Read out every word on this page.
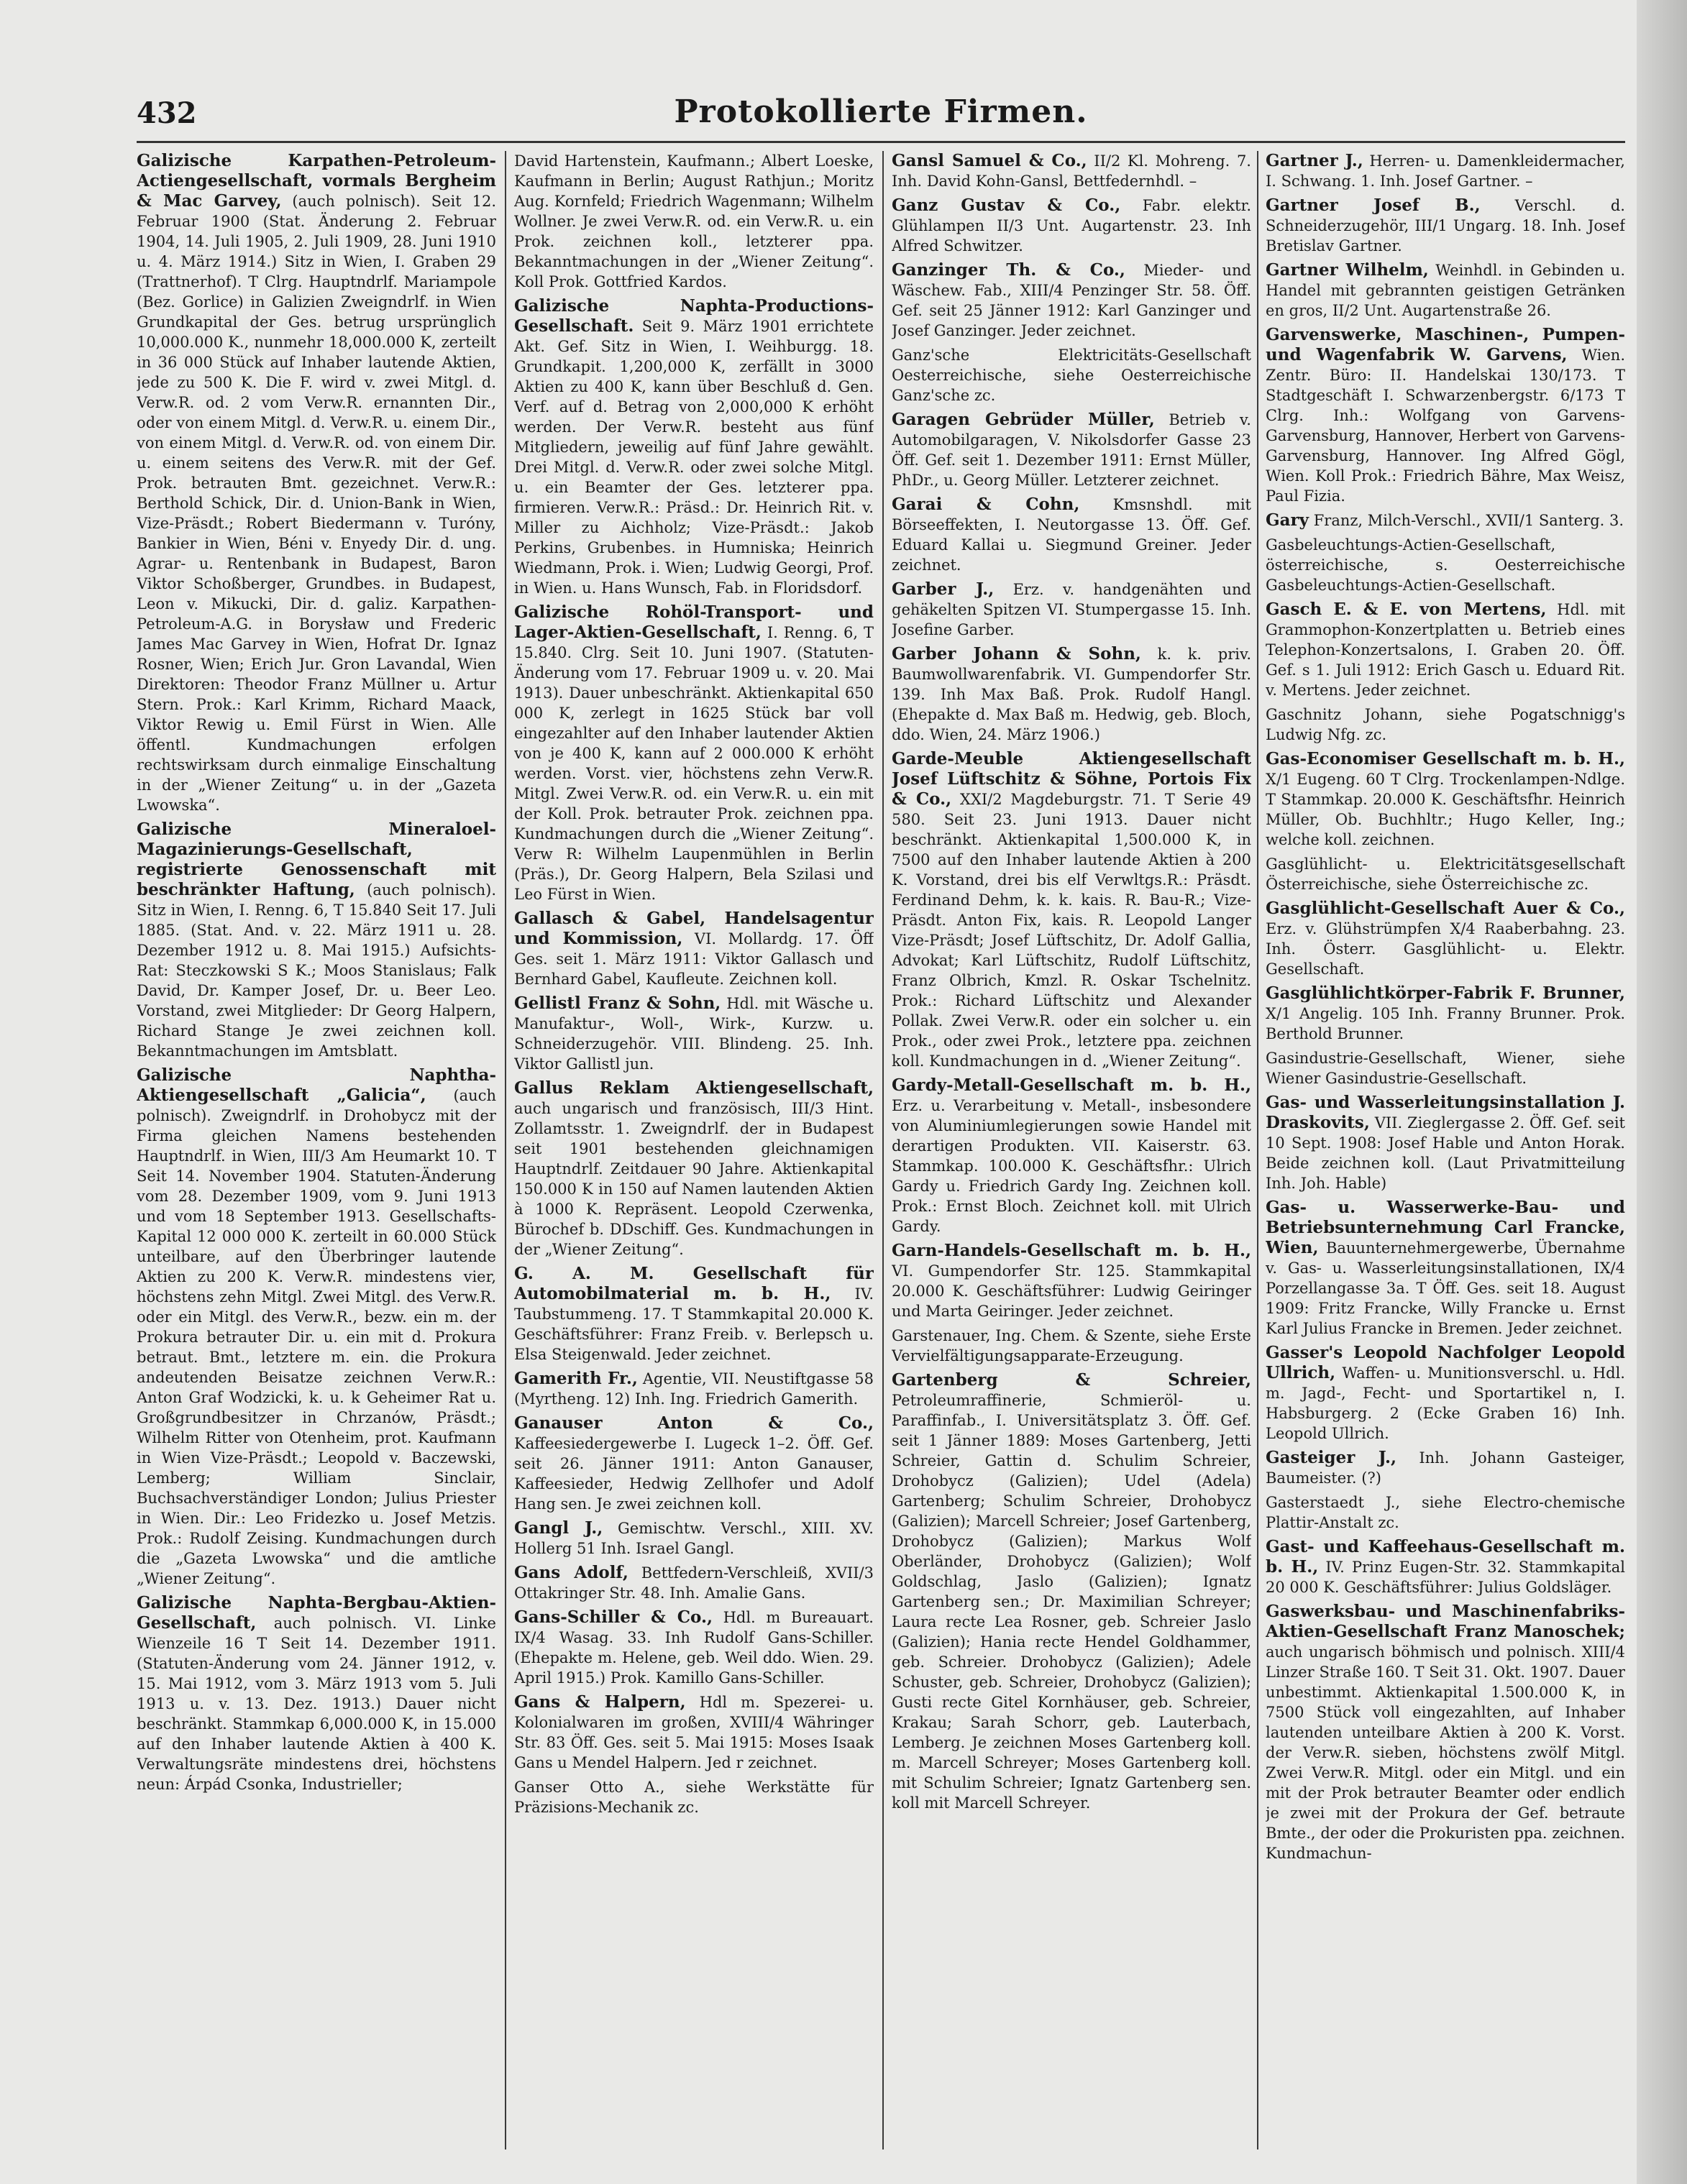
432	Protokollierte Firmen.

Galizische Karpathen-Petroleum-Actiengesellschaft, vormals Bergheim & Mac Garvey, (auch polnisch). Seit 12. Februar 1900 (Stat. Änderung 2. Februar 1904, 14. Juli 1905, 2. Juli 1909, 28. Juni 1910 u. 4. März 1914.) Sitz in Wien, I. Graben 29 (Trattnerhof). T Clrg. Hauptndrlf. Mariampole (Bez. Gorlice) in Galizien Zweigndrlf. in Wien Grundkapital der Ges. betrug ursprünglich 10,000.000 K., nunmehr 18,000.000 K, zerteilt in 36 000 Stück auf Inhaber lautende Aktien, jede zu 500 K. Die F. wird v. zwei Mitgl. d. Verw.R. od. 2 vom Verw.R. ernannten Dir., oder von einem Mitgl. d. Verw.R. u. einem Dir., von einem Mitgl. d. Verw.R. od. von einem Dir. u. einem seitens des Verw.R. mit der Gef. Prok. betrauten Bmt. gezeichnet. Verw.R.: Berthold Schick, Dir. d. Union-Bank in Wien, Vize-Präsdt.; Robert Biedermann v. Turóny, Bankier in Wien, Béni v. Enyedy Dir. d. ung. Agrar- u. Rentenbank in Budapest, Baron Viktor Schoßberger, Grundbes. in Budapest, Leon v. Mikucki, Dir. d. galiz. Karpathen-Petroleum-A.G. in Borysław und Frederic James Mac Garvey in Wien, Hofrat Dr. Ignaz Rosner, Wien; Erich Jur. Gron Lavandal, Wien Direktoren: Theodor Franz Müllner u. Artur Stern. Prok.: Karl Krimm, Richard Maack, Viktor Rewig u. Emil Fürst in Wien. Alle öffentl. Kundmachungen erfolgen rechtswirksam durch einmalige Einschaltung in der „Wiener Zeitung“ u. in der „Gazeta Lwowska“.

Galizische Mineraloel-Magazinierungs-Gesellschaft, registrierte Genossenschaft mit beschränkter Haftung, (auch polnisch). Sitz in Wien, I. Renng. 6, T 15.840 Seit 17. Juli 1885. (Stat. And. v. 22. März 1911 u. 28. Dezember 1912 u. 8. Mai 1915.) Aufsichts-Rat: Steczkowski S K.; Moos Stanislaus; Falk David, Dr. Kamper Josef, Dr. u. Beer Leo. Vorstand, zwei Mitglieder: Dr Georg Halpern, Richard Stange Je zwei zeichnen koll. Bekanntmachungen im Amtsblatt.

Galizische Naphtha-Aktiengesellschaft „Galicia“, (auch polnisch). Zweigndrlf. in Drohobycz mit der Firma gleichen Namens bestehenden Hauptndrlf. in Wien, III/3 Am Heumarkt 10. T Seit 14. November 1904. Statuten-Änderung vom 28. Dezember 1909, vom 9. Juni 1913 und vom 18 September 1913. Gesellschafts-Kapital 12 000 000 K. zerteilt in 60.000 Stück unteilbare, auf den Überbringer lautende Aktien zu 200 K. Verw.R. mindestens vier, höchstens zehn Mitgl. Zwei Mitgl. des Verw.R. oder ein Mitgl. des Verw.R., bezw. ein m. der Prokura betrauter Dir. u. ein mit d. Prokura betraut. Bmt., letztere m. ein. die Prokura andeutenden Beisatze zeichnen Verw.R.: Anton Graf Wodzicki, k. u. k Geheimer Rat u. Großgrundbesitzer in Chrzanów, Präsdt.; Wilhelm Ritter von Otenheim, prot. Kaufmann in Wien Vize-Präsdt.; Leopold v. Baczewski, Lemberg; William Sinclair, Buchsachverständiger London; Julius Priester in Wien. Dir.: Leo Fridezko u. Josef Metzis. Prok.: Rudolf Zeising. Kundmachungen durch die „Gazeta Lwowska“ und die amtliche „Wiener Zeitung“.

Galizische Naphta-Bergbau-Aktien-Gesellschaft, auch polnisch. VI. Linke Wienzeile 16 T Seit 14. Dezember 1911. (Statuten-Änderung vom 24. Jänner 1912, v. 15. Mai 1912, vom 3. März 1913 vom 5. Juli 1913 u. v. 13. Dez. 1913.) Dauer nicht beschränkt. Stammkap 6,000.000 K, in 15.000 auf den Inhaber lautende Aktien à 400 K. Verwaltungsräte mindestens drei, höchstens neun: Árpád Csonka, Industrieller;

David Hartenstein, Kaufmann.; Albert Loeske, Kaufmann in Berlin; August Rathjun.; Moritz Aug. Kornfeld; Friedrich Wagenmann; Wilhelm Wollner. Je zwei Verw.R. od. ein Verw.R. u. ein Prok. zeichnen koll., letzterer ppa. Bekanntmachungen in der „Wiener Zeitung“. Koll Prok. Gottfried Kardos.

Galizische Naphta-Productions-Gesellschaft. Seit 9. März 1901 errichtete Akt. Gef. Sitz in Wien, I. Weihburgg. 18. Grundkapit. 1,200,000 K, zerfällt in 3000 Aktien zu 400 K, kann über Beschluß d. Gen. Verf. auf d. Betrag von 2,000,000 K erhöht werden. Der Verw.R. besteht aus fünf Mitgliedern, jeweilig auf fünf Jahre gewählt. Drei Mitgl. d. Verw.R. oder zwei solche Mitgl. u. ein Beamter der Ges. letzterer ppa. firmieren. Verw.R.: Präsd.: Dr. Heinrich Rit. v. Miller zu Aichholz; Vize-Präsdt.: Jakob Perkins, Grubenbes. in Humniska; Heinrich Wiedmann, Prok. i. Wien; Ludwig Georgi, Prof. in Wien. u. Hans Wunsch, Fab. in Floridsdorf.

Galizische Rohöl-Transport- und Lager-Aktien-Gesellschaft, I. Renng. 6, T 15.840. Clrg. Seit 10. Juni 1907. (Statuten-Änderung vom 17. Februar 1909 u. v. 20. Mai 1913). Dauer unbeschränkt. Aktienkapital 650 000 K, zerlegt in 1625 Stück bar voll eingezahlter auf den Inhaber lautender Aktien von je 400 K, kann auf 2 000.000 K erhöht werden. Vorst. vier, höchstens zehn Verw.R. Mitgl. Zwei Verw.R. od. ein Verw.R. u. ein mit der Koll. Prok. betrauter Prok. zeichnen ppa. Kundmachungen durch die „Wiener Zeitung“. Verw R: Wilhelm Laupenmühlen in Berlin (Präs.), Dr. Georg Halpern, Bela Szilasi und Leo Fürst in Wien.

Gallasch & Gabel, Handelsagentur und Kommission, VI. Mollardg. 17. Öff Ges. seit 1. März 1911: Viktor Gallasch und Bernhard Gabel, Kaufleute. Zeichnen koll.

Gellistl Franz & Sohn, Hdl. mit Wäsche u. Manufaktur-, Woll-, Wirk-, Kurzw. u. Schneiderzugehör. VIII. Blindeng. 25. Inh. Viktor Gallistl jun.

Gallus Reklam Aktiengesellschaft, auch ungarisch und französisch, III/3 Hint. Zollamtsstr. 1. Zweigndrlf. der in Budapest seit 1901 bestehenden gleichnamigen Hauptndrlf. Zeitdauer 90 Jahre. Aktienkapital 150.000 K in 150 auf Namen lautenden Aktien à 1000 K. Repräsent. Leopold Czerwenka, Bürochef b. DDschiff. Ges. Kundmachungen in der „Wiener Zeitung“.

G. A. M. Gesellschaft für Automobilmaterial m. b. H., IV. Taubstummeng. 17. T Stammkapital 20.000 K. Geschäftsführer: Franz Freib. v. Berlepsch u. Elsa Steigenwald. Jeder zeichnet.

Gamerith Fr., Agentie, VII. Neustiftgasse 58 (Myrtheng. 12) Inh. Ing. Friedrich Gamerith.

Ganauser Anton & Co., Kaffeesiedergewerbe I. Lugeck 1–2. Öff. Gef. seit 26. Jänner 1911: Anton Ganauser, Kaffeesieder, Hedwig Zellhofer und Adolf Hang sen. Je zwei zeichnen koll.

Gangl J., Gemischtw. Verschl., XIII. XV. Hollerg 51 Inh. Israel Gangl.

Gans Adolf, Bettfedern-Verschleiß, XVII/3 Ottakringer Str. 48. Inh. Amalie Gans.

Gans-Schiller & Co., Hdl. m Bureauart. IX/4 Wasag. 33. Inh Rudolf Gans-Schiller. (Ehepakte m. Helene, geb. Weil ddo. Wien. 29. April 1915.) Prok. Kamillo Gans-Schiller.

Gans & Halpern, Hdl m. Spezerei- u. Kolonialwaren im großen, XVIII/4 Währinger Str. 83 Öff. Ges. seit 5. Mai 1915: Moses Isaak Gans u Mendel Halpern. Jed r zeichnet.

Ganser Otto A., siehe Werkstätte für Präzisions-Mechanik zc.

Gansl Samuel & Co., II/2 Kl. Mohreng. 7. Inh. David Kohn-Gansl, Bettfedernhdl. –

Ganz Gustav & Co., Fabr. elektr. Glühlampen II/3 Unt. Augartenstr. 23. Inh Alfred Schwitzer.

Ganzinger Th. & Co., Mieder- und Wäschew. Fab., XIII/4 Penzinger Str. 58. Öff. Gef. seit 25 Jänner 1912: Karl Ganzinger und Josef Ganzinger. Jeder zeichnet.

Ganz'sche Elektricitäts-Gesellschaft Oesterreichische, siehe Oesterreichische Ganz'sche zc.

Garagen Gebrüder Müller, Betrieb v. Automobilgaragen, V. Nikolsdorfer Gasse 23 Öff. Gef. seit 1. Dezember 1911: Ernst Müller, PhDr., u. Georg Müller. Letzterer zeichnet.

Garai & Cohn, Kmsnshdl. mit Börseeffekten, I. Neutorgasse 13. Öff. Gef. Eduard Kallai u. Siegmund Greiner. Jeder zeichnet.

Garber J., Erz. v. handgenähten und gehäkelten Spitzen VI. Stumpergasse 15. Inh. Josefine Garber.

Garber Johann & Sohn, k. k. priv. Baumwollwarenfabrik. VI. Gumpendorfer Str. 139. Inh Max Baß. Prok. Rudolf Hangl. (Ehepakte d. Max Baß m. Hedwig, geb. Bloch, ddo. Wien, 24. März 1906.)

Garde-Meuble Aktiengesellschaft Josef Lüftschitz & Söhne, Portois Fix & Co., XXI/2 Magdeburgstr. 71. T Serie 49 580. Seit 23. Juni 1913. Dauer nicht beschränkt. Aktienkapital 1,500.000 K, in 7500 auf den Inhaber lautende Aktien à 200 K. Vorstand, drei bis elf Verwltgs.R.: Präsdt. Ferdinand Dehm, k. k. kais. R. Bau-R.; Vize-Präsdt. Anton Fix, kais. R. Leopold Langer Vize-Präsdt; Josef Lüftschitz, Dr. Adolf Gallia, Advokat; Karl Lüftschitz, Rudolf Lüftschitz, Franz Olbrich, Kmzl. R. Oskar Tschelnitz. Prok.: Richard Lüftschitz und Alexander Pollak. Zwei Verw.R. oder ein solcher u. ein Prok., oder zwei Prok., letztere ppa. zeichnen koll. Kundmachungen in d. „Wiener Zeitung“.

Gardy-Metall-Gesellschaft m. b. H., Erz. u. Verarbeitung v. Metall-, insbesondere von Aluminiumlegierungen sowie Handel mit derartigen Produkten. VII. Kaiserstr. 63. Stammkap. 100.000 K. Geschäftsfhr.: Ulrich Gardy u. Friedrich Gardy Ing. Zeichnen koll. Prok.: Ernst Bloch. Zeichnet koll. mit Ulrich Gardy.

Garn-Handels-Gesellschaft m. b. H., VI. Gumpendorfer Str. 125. Stammkapital 20.000 K. Geschäftsführer: Ludwig Geiringer und Marta Geiringer. Jeder zeichnet.

Garstenauer, Ing. Chem. & Szente, siehe Erste Vervielfältigungsapparate-Erzeugung.

Gartenberg & Schreier, Petroleumraffinerie, Schmieröl- u. Paraffinfab., I. Universitätsplatz 3. Öff. Gef. seit 1 Jänner 1889: Moses Gartenberg, Jetti Schreier, Gattin d. Schulim Schreier, Drohobycz (Galizien); Udel (Adela) Gartenberg; Schulim Schreier, Drohobycz (Galizien); Marcell Schreier; Josef Gartenberg, Drohobycz (Galizien); Markus Wolf Oberländer, Drohobycz (Galizien); Wolf Goldschlag, Jaslo (Galizien); Ignatz Gartenberg sen.; Dr. Maximilian Schreyer; Laura recte Lea Rosner, geb. Schreier Jaslo (Galizien); Hania recte Hendel Goldhammer, geb. Schreier. Drohobycz (Galizien); Adele Schuster, geb. Schreier, Drohobycz (Galizien); Gusti recte Gitel Kornhäuser, geb. Schreier, Krakau; Sarah Schorr, geb. Lauterbach, Lemberg. Je zeichnen Moses Gartenberg koll. m. Marcell Schreyer; Moses Gartenberg koll. mit Schulim Schreier; Ignatz Gartenberg sen. koll mit Marcell Schreyer.

Gartner J., Herren- u. Damenkleidermacher, I. Schwang. 1. Inh. Josef Gartner. –

Gartner Josef B., Verschl. d. Schneiderzugehör, III/1 Ungarg. 18. Inh. Josef Bretislav Gartner.

Gartner Wilhelm, Weinhdl. in Gebinden u. Handel mit gebrannten geistigen Getränken en gros, II/2 Unt. Augartenstraße 26.

Garvenswerke, Maschinen-, Pumpen- und Wagenfabrik W. Garvens, Wien. Zentr. Büro: II. Handelskai 130/173. T Stadtgeschäft I. Schwarzenbergstr. 6/173 T Clrg. Inh.: Wolfgang von Garvens-Garvensburg, Hannover, Herbert von Garvens-Garvensburg, Hannover. Ing Alfred Gögl, Wien. Koll Prok.: Friedrich Bähre, Max Weisz, Paul Fizia.

Gary Franz, Milch-Verschl., XVII/1 Santerg. 3.

Gasbeleuchtungs-Actien-Gesellschaft, österreichische, s. Oesterreichische Gasbeleuchtungs-Actien-Gesellschaft.

Gasch E. & E. von Mertens, Hdl. mit Grammophon-Konzertplatten u. Betrieb eines Telephon-Konzertsalons, I. Graben 20. Öff. Gef. s 1. Juli 1912: Erich Gasch u. Eduard Rit. v. Mertens. Jeder zeichnet.

Gaschnitz Johann, siehe Pogatschnigg's Ludwig Nfg. zc.

Gas-Economiser Gesellschaft m. b. H., X/1 Eugeng. 60 T Clrg. Trockenlampen-Ndlge. T Stammkap. 20.000 K. Geschäftsfhr. Heinrich Müller, Ob. Buchhltr.; Hugo Keller, Ing.; welche koll. zeichnen.

Gasglühlicht- u. Elektricitätsgesellschaft Österreichische, siehe Österreichische zc.

Gasglühlicht-Gesellschaft Auer & Co., Erz. v. Glühstrümpfen X/4 Raaberbahng. 23. Inh. Österr. Gasglühlicht- u. Elektr. Gesellschaft.

Gasglühlichtkörper-Fabrik F. Brunner, X/1 Angelig. 105 Inh. Franny Brunner. Prok. Berthold Brunner.

Gasindustrie-Gesellschaft, Wiener, siehe Wiener Gasindustrie-Gesellschaft.

Gas- und Wasserleitungsinstallation J. Draskovits, VII. Zieglergasse 2. Öff. Gef. seit 10 Sept. 1908: Josef Hable und Anton Horak. Beide zeichnen koll. (Laut Privatmitteilung Inh. Joh. Hable)

Gas- u. Wasserwerke-Bau- und Betriebsunternehmung Carl Francke, Wien, Bauunternehmergewerbe, Übernahme v. Gas- u. Wasserleitungsinstallationen, IX/4 Porzellangasse 3a. T Öff. Ges. seit 18. August 1909: Fritz Francke, Willy Francke u. Ernst Karl Julius Francke in Bremen. Jeder zeichnet.

Gasser's Leopold Nachfolger Leopold Ullrich, Waffen- u. Munitionsverschl. u. Hdl. m. Jagd-, Fecht- und Sportartikel n, I. Habsburgerg. 2 (Ecke Graben 16) Inh. Leopold Ullrich.

Gasteiger J., Inh. Johann Gasteiger, Baumeister. (?)

Gasterstaedt J., siehe Electro-chemische Plattir-Anstalt zc.

Gast- und Kaffeehaus-Gesellschaft m. b. H., IV. Prinz Eugen-Str. 32. Stammkapital 20 000 K. Geschäftsführer: Julius Goldsläger.

Gaswerksbau- und Maschinenfabriks-Aktien-Gesellschaft Franz Manoschek; auch ungarisch böhmisch und polnisch. XIII/4 Linzer Straße 160. T Seit 31. Okt. 1907. Dauer unbestimmt. Aktienkapital 1.500.000 K, in 7500 Stück voll eingezahlten, auf Inhaber lautenden unteilbare Aktien à 200 K. Vorst. der Verw.R. sieben, höchstens zwölf Mitgl. Zwei Verw.R. Mitgl. oder ein Mitgl. und ein mit der Prok betrauter Beamter oder endlich je zwei mit der Prokura der Gef. betraute Bmte., der oder die Prokuristen ppa. zeichnen. Kundmachun-
